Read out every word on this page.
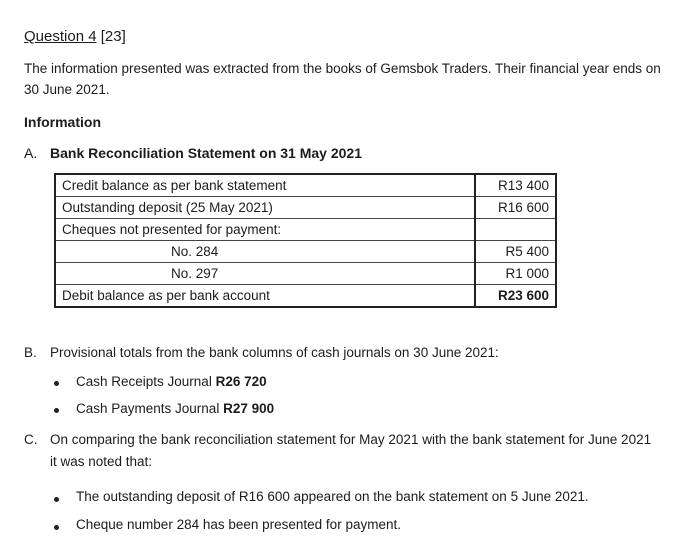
Question 4 [23]
The information presented was extracted from the books of Gemsbok Traders. Their financial year ends on
30 June 2021.
Information
A. Bank Reconciliation Statement on 31 May 2021
Credit balance as per bank statement	R13 400
Outstanding deposit (25 May 2021)	R16 600
Cheques not presented for payment:	
No. 284	R5 400
No. 297	R1 000
Debit balance as per bank account	R23 600
B. Provisional totals from the bank columns of cash journals on 30 June 2021:
Cash Receipts Journal R26 720
Cash Payments Journal R27 900
C. On comparing the bank reconciliation statement for May 2021 with the bank statement for June 2021
it was noted that:
The outstanding deposit of R16 600 appeared on the bank statement on 5 June 2021.
Cheque number 284 has been presented for payment.
